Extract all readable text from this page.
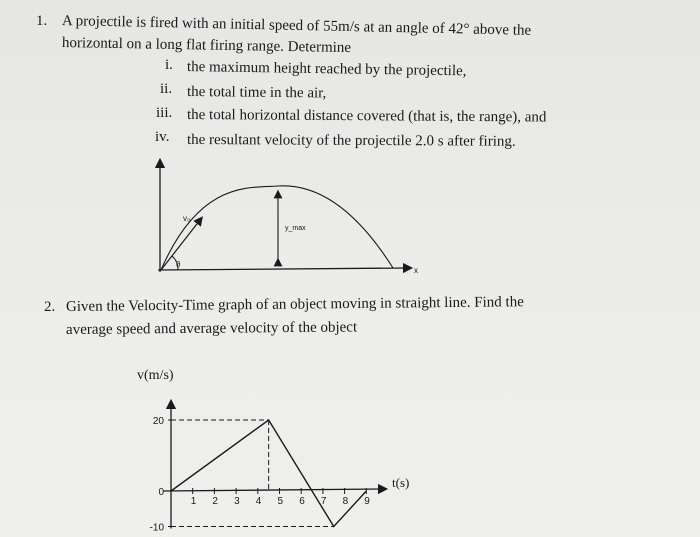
1. A projectile is fired with an initial speed of 55m/s at an angle of 42° above the
horizontal on a long flat firing range. Determine
i. the maximum height reached by the projectile,
ii. the total time in the air,
iii. the total horizontal distance covered (that is, the range), and
iv. the resultant velocity of the projectile 2.0 s after firing.
v₀
θ
y_max
x
2. Given the Velocity-Time graph of an object moving in straight line. Find the
average speed and average velocity of the object
v(m/s)
t(s)
1 2 3 4 5 6 7 8 9
20
0
-10
